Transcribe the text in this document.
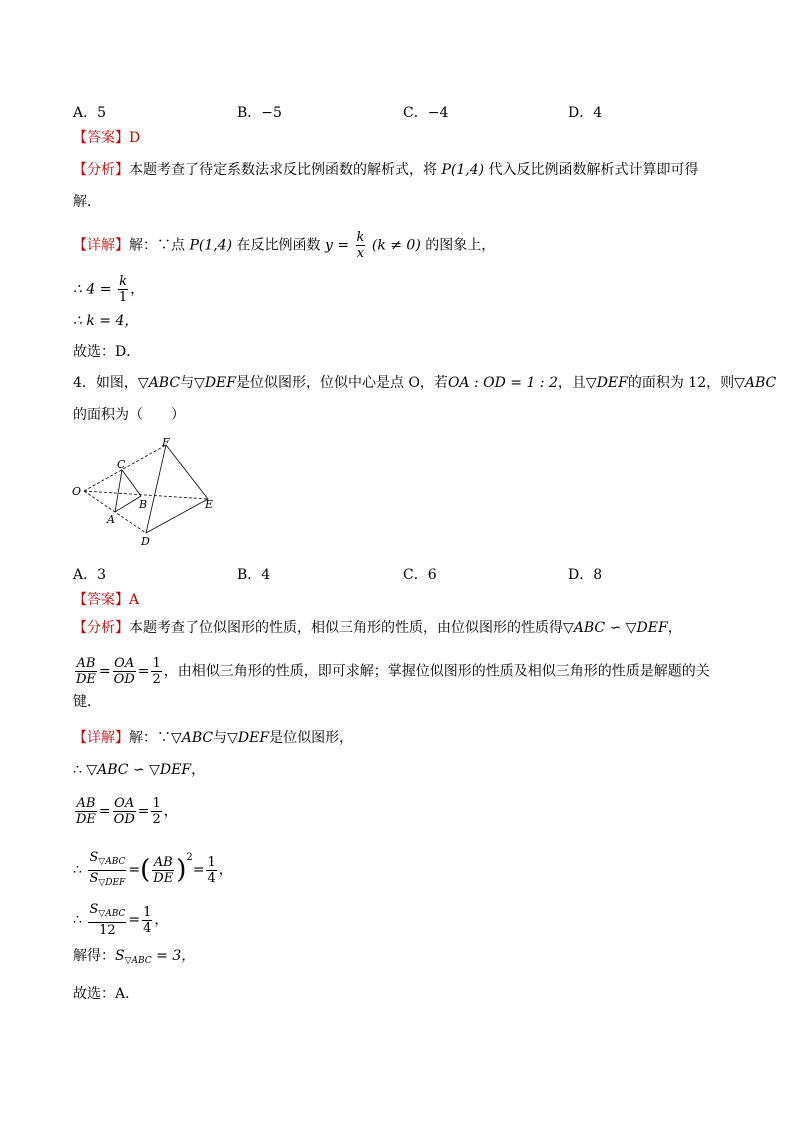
A．5	B．−5	C．−4	D．4
【答案】D
【分析】本题考查了待定系数法求反比例函数的解析式，将 P(1,4) 代入反比例函数解析式计算即可得
解．
【详解】解：∵点 P(1,4) 在反比例函数 $y = \frac{k}{x} (k \ne 0)$ 的图象上，
∴ $4 = \frac{k}{1}$ ，
∴ k = 4，
故选：D．
4．如图，▽ABC与▽DEF是位似图形，位似中心是点 O，若OA : OD = 1 : 2，且▽DEF的面积为 12，则▽ABC
的面积为（　　）
O
C
A
B
F
E
D
A．3	B．4	C．6	D．8
【答案】A
【分析】本题考查了位似图形的性质，相似三角形的性质，由位似图形的性质得▽ABC ∽ ▽DEF，
$\frac{AB}{DE} = \frac{OA}{OD} = \frac{1}{2}$ ，由相似三角形的性质，即可求解；掌握位似图形的性质及相似三角形的性质是解题的关
键．
【详解】解：∵▽ABC与▽DEF是位似图形，
∴ ▽ABC ∽ ▽DEF，
$\frac{AB}{DE} = \frac{OA}{OD} = \frac{1}{2}$ ，
∴ $\frac{S_{▽ABC}}{S_{▽DEF}}$ =( $\frac{AB}{DE} )^2= \frac{1}{4}$ ，
∴ $\frac{S_{▽ABC}}{12} = \frac{1}{4}$ ，
解得：$S_{▽ABC} = 3$，
故选：A．
